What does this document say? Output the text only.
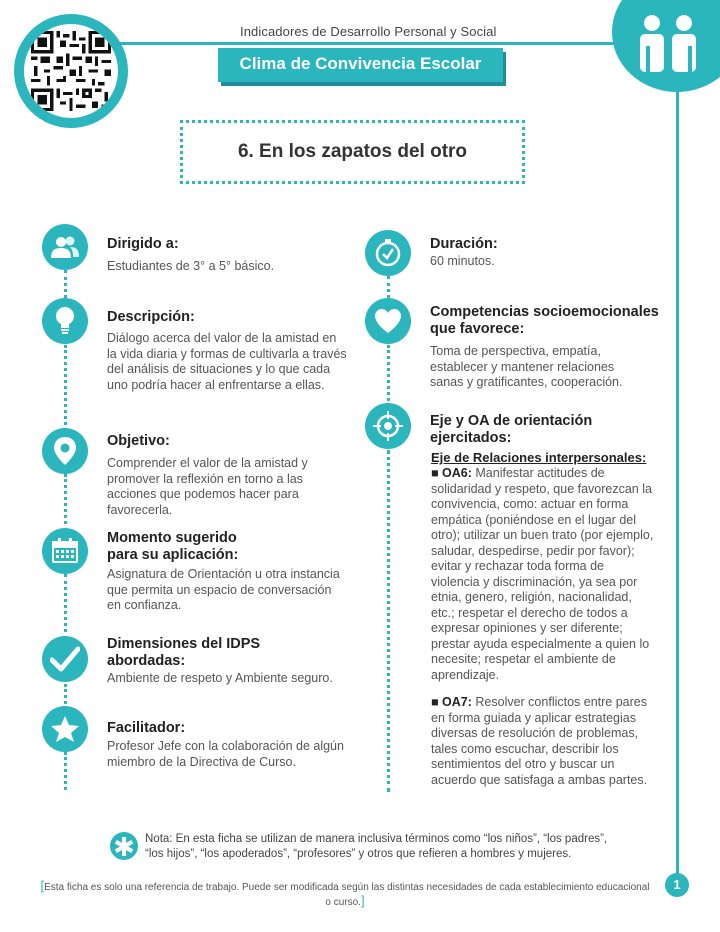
Indicadores de Desarrollo Personal y Social
Clima de Convivencia Escolar
6. En los zapatos del otro
Dirigido a:
Estudiantes de 3° a 5° básico.
Descripción:
Diálogo acerca del valor de la amistad en la vida diaria y formas de cultivarla a través del análisis de situaciones y lo que cada uno podría hacer al enfrentarse a ellas.
Objetivo:
Comprender el valor de la amistad y promover la reflexión en torno a las acciones que podemos hacer para favorecerla.
Momento sugerido
para su aplicación:
Asignatura de Orientación u otra instancia que permita un espacio de conversación en confianza.
Dimensiones del IDPS
abordadas:
Ambiente de respeto y Ambiente seguro.
Facilitador:
Profesor Jefe con la colaboración de algún miembro de la Directiva de Curso.
Duración:
60 minutos.
Competencias socioemocionales
que favorece:
Toma de perspectiva, empatía, establecer y mantener relaciones sanas y gratificantes, cooperación.
Eje y OA de orientación
ejercitados:
Eje de Relaciones interpersonales:
■ OA6: Manifestar actitudes de solidaridad y respeto, que favorezcan la convivencia, como: actuar en forma empática (poniéndose en el lugar del otro); utilizar un buen trato (por ejemplo, saludar, despedirse, pedir por favor); evitar y rechazar toda forma de violencia y discriminación, ya sea por etnia, genero, religión, nacionalidad, etc.; respetar el derecho de todos a expresar opiniones y ser diferente; prestar ayuda especialmente a quien lo necesite; respetar el ambiente de aprendizaje.
■ OA7: Resolver conflictos entre pares en forma guiada y aplicar estrategias diversas de resolución de problemas, tales como escuchar, describir los sentimientos del otro y buscar un acuerdo que satisfaga a ambas partes.
✱ Nota: En esta ficha se utilizan de manera inclusiva términos como “los niños”, “los padres”, “los hijos”, “los apoderados”, “profesores” y otros que refieren a hombres y mujeres.
[Esta ficha es solo una referencia de trabajo. Puede ser modificada según las distintas necesidades de cada establecimiento educacional o curso.]
1
